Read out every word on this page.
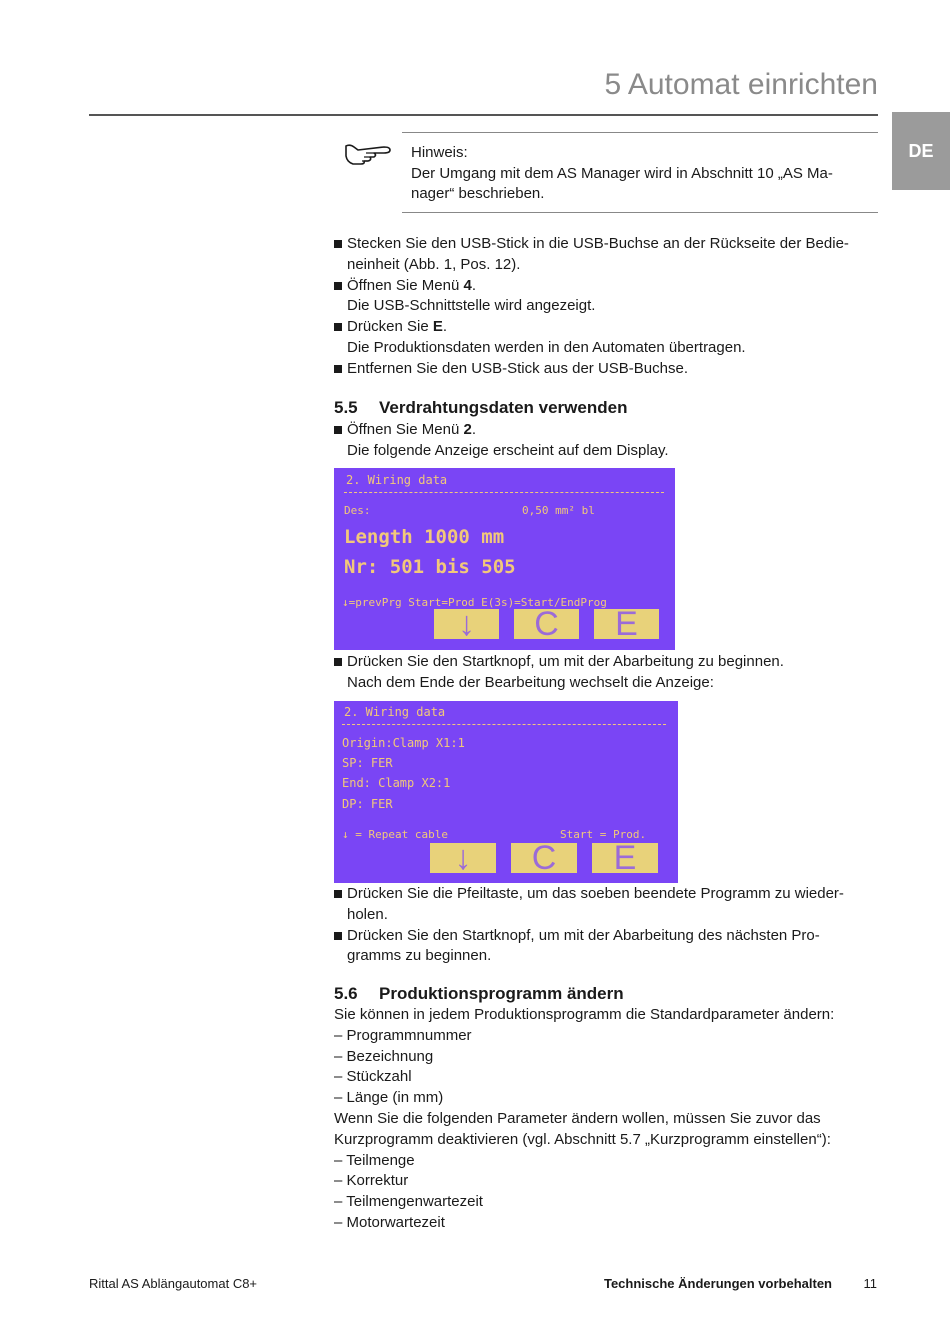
5 Automat einrichten
DE
Hinweis:
Der Umgang mit dem AS Manager wird in Abschnitt 10 „AS Ma-
nager“ beschrieben.
Stecken Sie den USB-Stick in die USB-Buchse an der Rückseite der Bedie-
neinheit (Abb. 1, Pos. 12).
Öffnen Sie Menü 4.
Die USB-Schnittstelle wird angezeigt.
Drücken Sie E.
Die Produktionsdaten werden in den Automaten übertragen.
Entfernen Sie den USB-Stick aus der USB-Buchse.
5.5 Verdrahtungsdaten verwenden
Öffnen Sie Menü 2.
Die folgende Anzeige erscheint auf dem Display.
2. Wiring data
Des:	0,50 mm² bl
Length 1000 mm
Nr: 501 bis 505
↓=prevPrg Start=Prod E(3s)=Start/EndProg
↓	C	E
Drücken Sie den Startknopf, um mit der Abarbeitung zu beginnen.
Nach dem Ende der Bearbeitung wechselt die Anzeige:
2. Wiring data
Origin:Clamp X1:1
SP: FER
End: Clamp X2:1
DP: FER
↓ = Repeat cable	Start = Prod.
↓	C	E
Drücken Sie die Pfeiltaste, um das soeben beendete Programm zu wieder-
holen.
Drücken Sie den Startknopf, um mit der Abarbeitung des nächsten Pro-
gramms zu beginnen.
5.6 Produktionsprogramm ändern
Sie können in jedem Produktionsprogramm die Standardparameter ändern:
– Programmnummer
– Bezeichnung
– Stückzahl
– Länge (in mm)
Wenn Sie die folgenden Parameter ändern wollen, müssen Sie zuvor das
Kurzprogramm deaktivieren (vgl. Abschnitt 5.7 „Kurzprogramm einstellen“):
– Teilmenge
– Korrektur
– Teilmengenwartezeit
– Motorwartezeit
Rittal AS Ablängautomat C8+	Technische Änderungen vorbehalten 11
